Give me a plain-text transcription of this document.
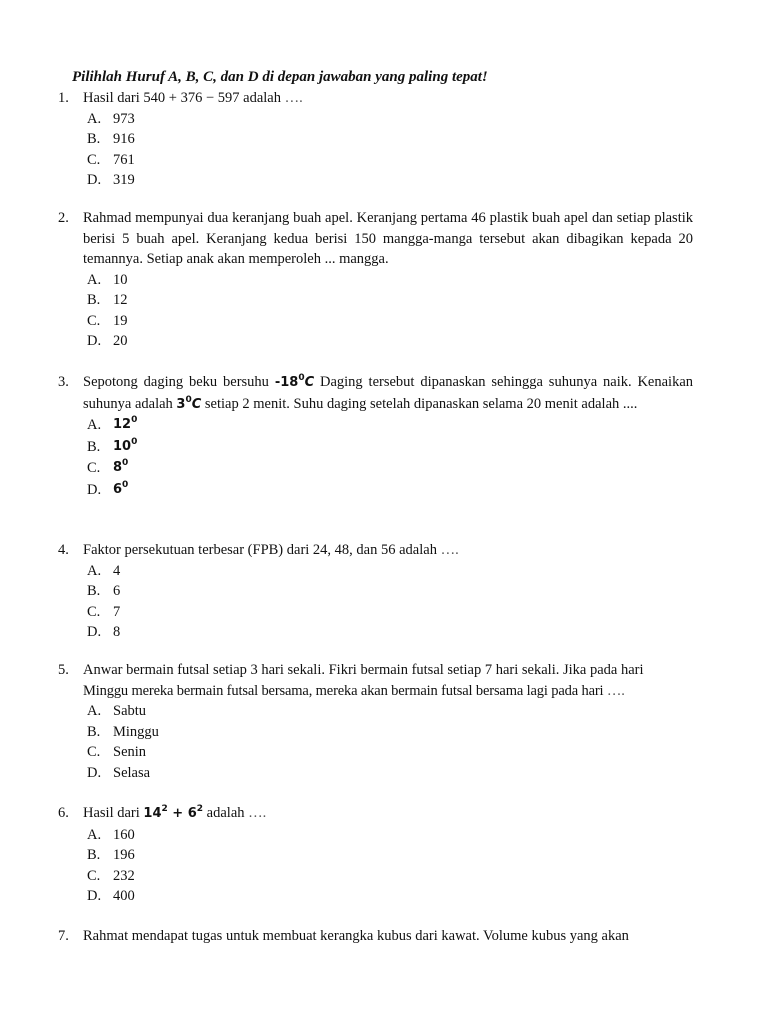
Pilihlah Huruf A, B, C, dan D di depan jawaban yang paling tepat!
1. Hasil dari 540 + 376 − 597 adalah ….
A. 973
B. 916
C. 761
D. 319
2. Rahmad mempunyai dua keranjang buah apel. Keranjang pertama 46 plastik buah apel dan setiap plastik berisi 5 buah apel. Keranjang kedua berisi 150 mangga-manga tersebut akan dibagikan kepada 20 temannya. Setiap anak akan memperoleh ... mangga.
A. 10
B. 12
C. 19
D. 20
3. Sepotong daging beku bersuhu $-18^0C$ Daging tersebut dipanaskan sehingga suhunya naik. Kenaikan suhunya adalah $3^0C$ setiap 2 menit. Suhu daging setelah dipanaskan selama 20 menit adalah ....
A. $12^0$
B. $10^0$
C. $8^0$
D. $6^0$
4. Faktor persekutuan terbesar (FPB) dari 24, 48, dan 56 adalah ….
A. 4
B. 6
C. 7
D. 8
5. Anwar bermain futsal setiap 3 hari sekali. Fikri bermain futsal setiap 7 hari sekali. Jika pada hari
Minggu mereka bermain futsal bersama, mereka akan bermain futsal bersama lagi pada hari ….
A. Sabtu
B. Minggu
C. Senin
D. Selasa
6. Hasil dari $14^2 + 6^2$ adalah ….
A. 160
B. 196
C. 232
D. 400
7. Rahmat mendapat tugas untuk membuat kerangka kubus dari kawat. Volume kubus yang akan
